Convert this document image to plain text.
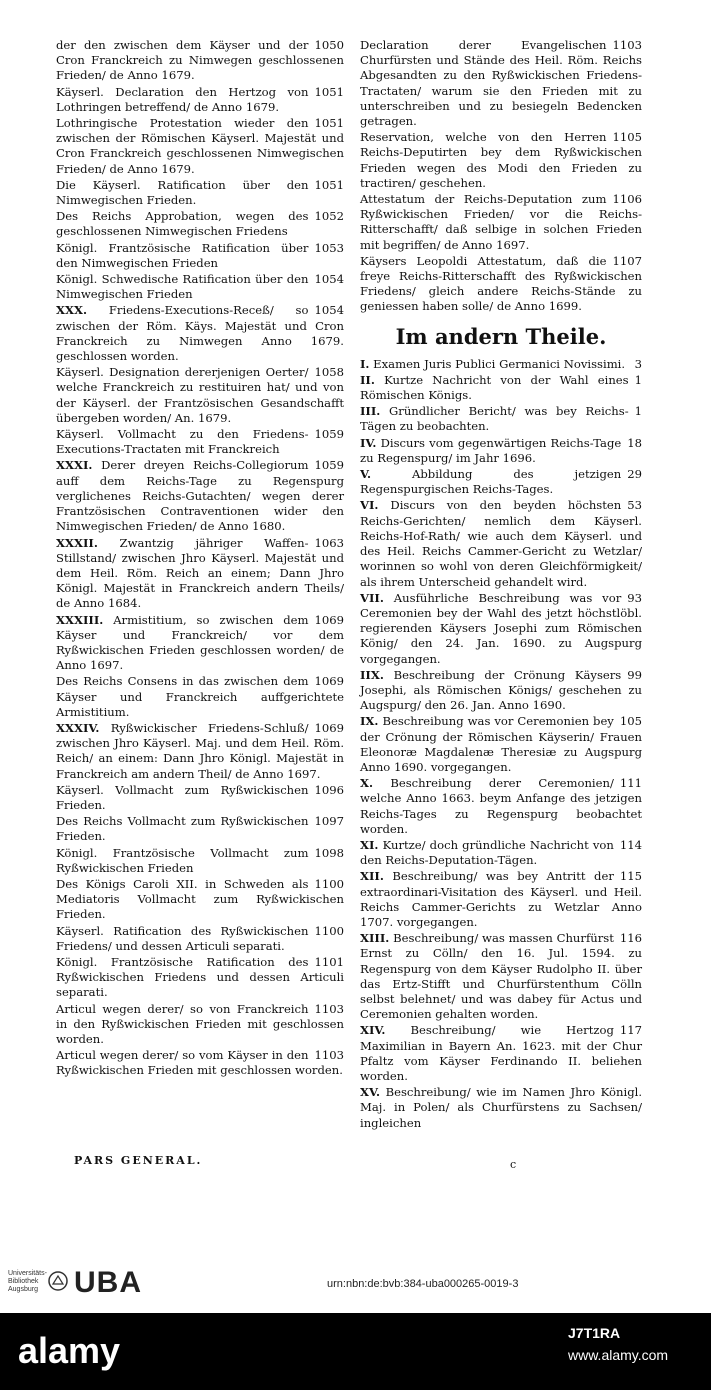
1050
der den zwischen dem Käyser und der Cron Franckreich zu Nimwegen geschlossenen Frieden/ de Anno 1679.

1051
Käyserl. Declaration den Hertzog von Lothringen betreffend/ de Anno 1679.

1051
Lothringische Protestation wieder den zwischen der Römischen Käyserl. Majestät und Cron Franckreich geschlossenen Nimwegischen Frieden/ de Anno 1679.

1051
Die Käyserl. Ratification über den Nimwegischen Frieden.

1052
Des Reichs Approbation, wegen des geschlossenen Nimwegischen Friedens

1053
Königl. Frantzösische Ratification über den Nimwegischen Frieden

1054
Königl. Schwedische Ratification über den Nimwegischen Frieden

1054
XXX. Friedens-Executions-Receß/ so zwischen der Röm. Käys. Majestät und Cron Franckreich zu Nimwegen Anno 1679. geschlossen worden.

1058
Käyserl. Designation dererjenigen Oerter/ welche Franckreich zu restituiren hat/ und von der Käyserl. der Frantzösischen Gesandschafft übergeben worden/ An. 1679.

1059
Käyserl. Vollmacht zu den Friedens-Executions-Tractaten mit Franckreich

1059
XXXI. Derer dreyen Reichs-Collegiorum auff dem Reichs-Tage zu Regenspurg verglichenes Reichs-Gutachten/ wegen derer Frantzösischen Contraventionen wider den Nimwegischen Frieden/ de Anno 1680.

1063
XXXII. Zwantzig jähriger Waffen-Stillstand/ zwischen Jhro Käyserl. Majestät und dem Heil. Röm. Reich an einem; Dann Jhro Königl. Majestät in Franckreich andern Theils/ de Anno 1684.

1069
XXXIII. Armistitium, so zwischen dem Käyser und Franckreich/ vor dem Ryßwickischen Frieden geschlossen worden/ de Anno 1697.

1069
Des Reichs Consens in das zwischen dem Käyser und Franckreich auffgerichtete Armistitium.

1069
XXXIV. Ryßwickischer Friedens-Schluß/ zwischen Jhro Käyserl. Maj. und dem Heil. Röm. Reich/ an einem: Dann Jhro Königl. Majestät in Franckreich am andern Theil/ de Anno 1697.

1096
Käyserl. Vollmacht zum Ryßwickischen Frieden.

1097
Des Reichs Vollmacht zum Ryßwickischen Frieden.

1098
Königl. Frantzösische Vollmacht zum Ryßwickischen Frieden

1100
Des Königs Caroli XII. in Schweden als Mediatoris Vollmacht zum Ryßwickischen Frieden.

1100
Käyserl. Ratification des Ryßwickischen Friedens/ und dessen Articuli separati.

1101
Königl. Frantzösische Ratification des Ryßwickischen Friedens und dessen Articuli separati.

1103
Articul wegen derer/ so von Franckreich in den Ryßwickischen Frieden mit geschlossen worden.

1103
Articul wegen derer/ so vom Käyser in den Ryßwickischen Frieden mit geschlossen worden.

1103
Declaration derer Evangelischen Churfürsten und Stände des Heil. Röm. Reichs Abgesandten zu den Ryßwickischen Friedens-Tractaten/ warum sie den Frieden mit zu unterschreiben und zu besiegeln Bedencken getragen.

1105
Reservation, welche von den Herren Reichs-Deputirten bey dem Ryßwickischen Frieden wegen des Modi den Frieden zu tractiren/ geschehen.

1106
Attestatum der Reichs-Deputation zum Ryßwickischen Frieden/ vor die Reichs-Ritterschafft/ daß selbige in solchen Frieden mit begriffen/ de Anno 1697.

1107
Käysers Leopoldi Attestatum, daß die freye Reichs-Ritterschafft des Ryßwickischen Friedens/ gleich andere Reichs-Stände zu geniessen haben solle/ de Anno 1699.

Im andern Theile.

3
I. Examen Juris Publici Germanici Novissimi.

1
II. Kurtze Nachricht von der Wahl eines Römischen Königs.

1
III. Gründlicher Bericht/ was bey Reichs-Tägen zu beobachten.

18
IV. Discurs vom gegenwärtigen Reichs-Tage zu Regenspurg/ im Jahr 1696.

29
V.	Abbildung des jetzigen Regenspurgischen Reichs-Tages.

53
VI. Discurs von den beyden höchsten Reichs-Gerichten/ nemlich dem Käyserl. Reichs-Hof-Rath/ wie auch dem Käyserl. und des Heil. Reichs Cammer-Gericht zu Wetzlar/ worinnen so wohl von deren Gleichförmigkeit/ als ihrem Unterscheid gehandelt wird.

93
VII. Ausführliche Beschreibung was vor Ceremonien bey der Wahl des jetzt höchstlöbl. regierenden Käysers Josephi zum Römischen König/ den 24. Jan. 1690. zu Augspurg vorgegangen.

99
IIX. Beschreibung der Crönung Käysers Josephi, als Römischen Königs/ geschehen zu Augspurg/ den 26. Jan. Anno 1690.

105
IX. Beschreibung was vor Ceremonien bey der Crönung der Römischen Käyserin/ Frauen Eleonoræ Magdalenæ Theresiæ zu Augspurg Anno 1690. vorgegangen.

111
X. Beschreibung derer Ceremonien/ welche Anno 1663. beym Anfange des jetzigen Reichs-Tages zu Regenspurg beobachtet worden.

114
XI. Kurtze/ doch gründliche Nachricht von den Reichs-Deputation-Tägen.

115
XII. Beschreibung/ was bey Antritt der extraordinari-Visitation des Käyserl. und Heil. Reichs Cammer-Gerichts zu Wetzlar Anno 1707. vorgegangen.

116
XIII. Beschreibung/ was massen Churfürst Ernst zu Cölln/ den 16. Jul. 1594. zu Regenspurg von dem Käyser Rudolpho II. über das Ertz-Stifft und Churfürstenthum Cölln selbst belehnet/ und was dabey für Actus und Ceremonien gehalten worden.

117
XIV. Beschreibung/ wie Hertzog Maximilian in Bayern An. 1623. mit der Chur Pfaltz vom Käyser Ferdinando II. beliehen worden.

XV. Beschreibung/ wie im Namen Jhro Königl. Maj. in Polen/ als Churfürstens zu Sachsen/ ingleichen

PARS GENERAL.	c
Universitäts-
Bibliothek
Augsburg UBA	urn:nbn:de:bvb:384-uba000265-0019-3
alamy	J7T1RA
www.alamy.com
